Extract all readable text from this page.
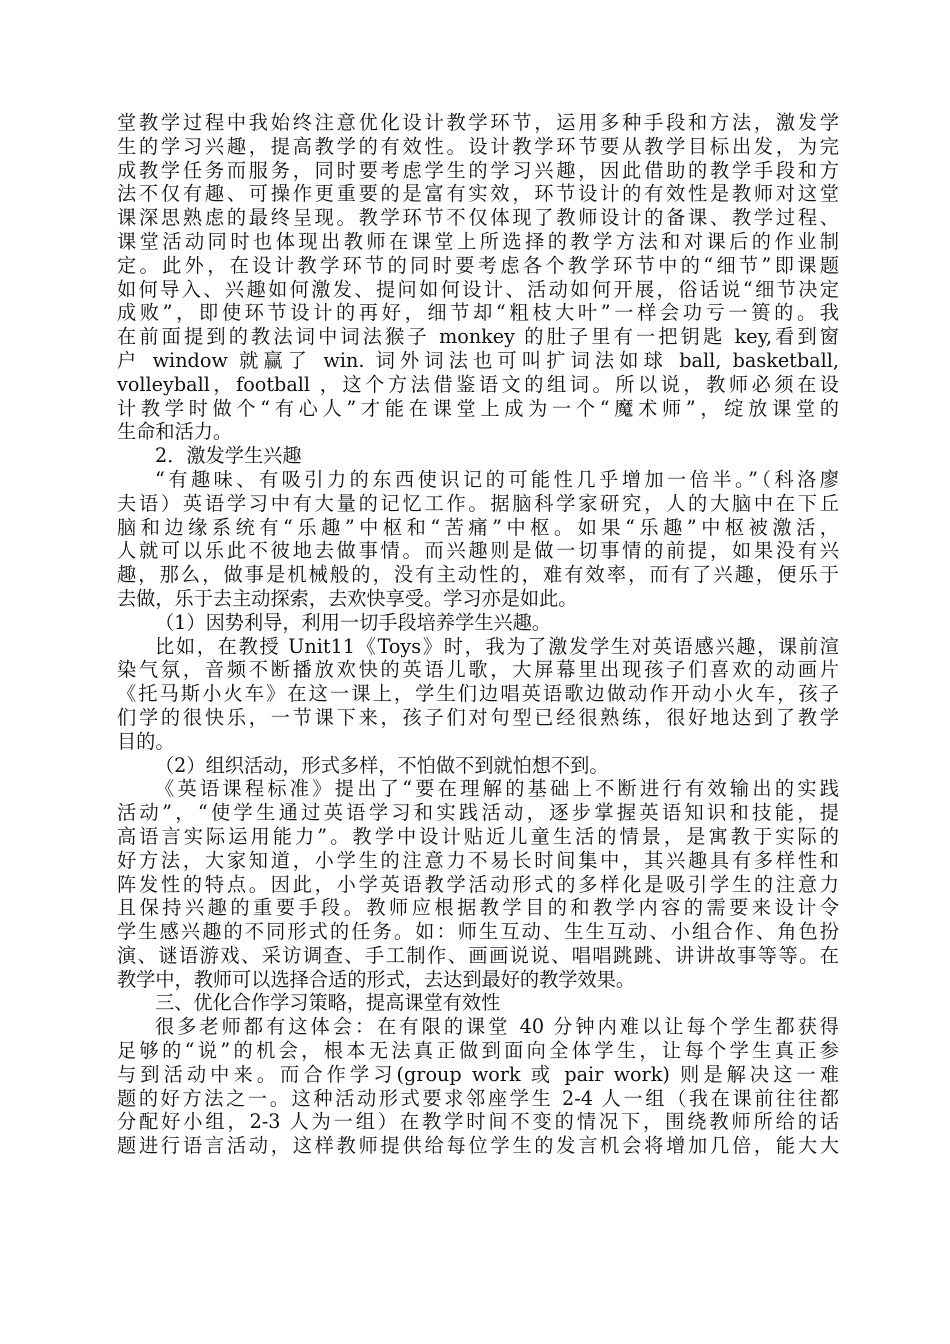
堂教学过程中我始终注意优化设计教学环节，运用多种手段和方法，激发学
生的学习兴趣，提高教学的有效性。设计教学环节要从教学目标出发，为完
成教学任务而服务，同时要考虑学生的学习兴趣，因此借助的教学手段和方
法不仅有趣、可操作更重要的是富有实效，环节设计的有效性是教师对这堂
课深思熟虑的最终呈现。教学环节不仅体现了教师设计的备课、教学过程、
课堂活动同时也体现出教师在课堂上所选择的教学方法和对课后的作业制
定。此外，在设计教学环节的同时要考虑各个教学环节中的“细节”即课题
如何导入、兴趣如何激发、提问如何设计、活动如何开展，俗话说“细节决定
成败”，即使环节设计的再好，细节却“粗枝大叶”一样会功亏一篑的。我
在前面提到的教法词中词法猴子 monkey 的肚子里有一把钥匙 key,看到窗
户 window 就赢了 win. 词外词法也可叫扩词法如球 ball, basketball,
volleyball，football ，这个方法借鉴语文的组词。所以说，教师必须在设
计教学时做个“有心人”才能在课堂上成为一个“魔术师”，绽放课堂的
生命和活力。
2．激发学生兴趣
“有趣味、有吸引力的东西使识记的可能性几乎增加一倍半。”（科洛廖
夫语）英语学习中有大量的记忆工作。据脑科学家研究，人的大脑中在下丘
脑和边缘系统有“乐趣”中枢和“苦痛”中枢。如果“乐趣”中枢被激活，
人就可以乐此不彼地去做事情。而兴趣则是做一切事情的前提，如果没有兴
趣，那么，做事是机械般的，没有主动性的，难有效率，而有了兴趣，便乐于
去做，乐于去主动探索，去欢快享受。学习亦是如此。
（1）因势利导，利用一切手段培养学生兴趣。
比如，在教授 Unit11《Toys》时，我为了激发学生对英语感兴趣，课前渲
染气氛，音频不断播放欢快的英语儿歌，大屏幕里出现孩子们喜欢的动画片
《托马斯小火车》在这一课上，学生们边唱英语歌边做动作开动小火车，孩子
们学的很快乐，一节课下来，孩子们对句型已经很熟练，很好地达到了教学
目的。
（2）组织活动，形式多样，不怕做不到就怕想不到。
《英语课程标准》提出了“要在理解的基础上不断进行有效输出的实践
活动”，“使学生通过英语学习和实践活动，逐步掌握英语知识和技能，提
高语言实际运用能力”。教学中设计贴近儿童生活的情景，是寓教于实际的
好方法，大家知道，小学生的注意力不易长时间集中，其兴趣具有多样性和
阵发性的特点。因此，小学英语教学活动形式的多样化是吸引学生的注意力
且保持兴趣的重要手段。教师应根据教学目的和教学内容的需要来设计令
学生感兴趣的不同形式的任务。如：师生互动、生生互动、小组合作、角色扮
演、谜语游戏、采访调查、手工制作、画画说说、唱唱跳跳、讲讲故事等等。在
教学中，教师可以选择合适的形式，去达到最好的教学效果。
三、优化合作学习策略，提高课堂有效性
很多老师都有这体会：在有限的课堂 40 分钟内难以让每个学生都获得
足够的“说”的机会，根本无法真正做到面向全体学生，让每个学生真正参
与到活动中来。而合作学习(group work 或 pair work) 则是解决这一难
题的好方法之一。这种活动形式要求邻座学生 2-4 人一组（我在课前往往都
分配好小组，2-3 人为一组）在教学时间不变的情况下，围绕教师所给的话
题进行语言活动，这样教师提供给每位学生的发言机会将增加几倍，能大大
